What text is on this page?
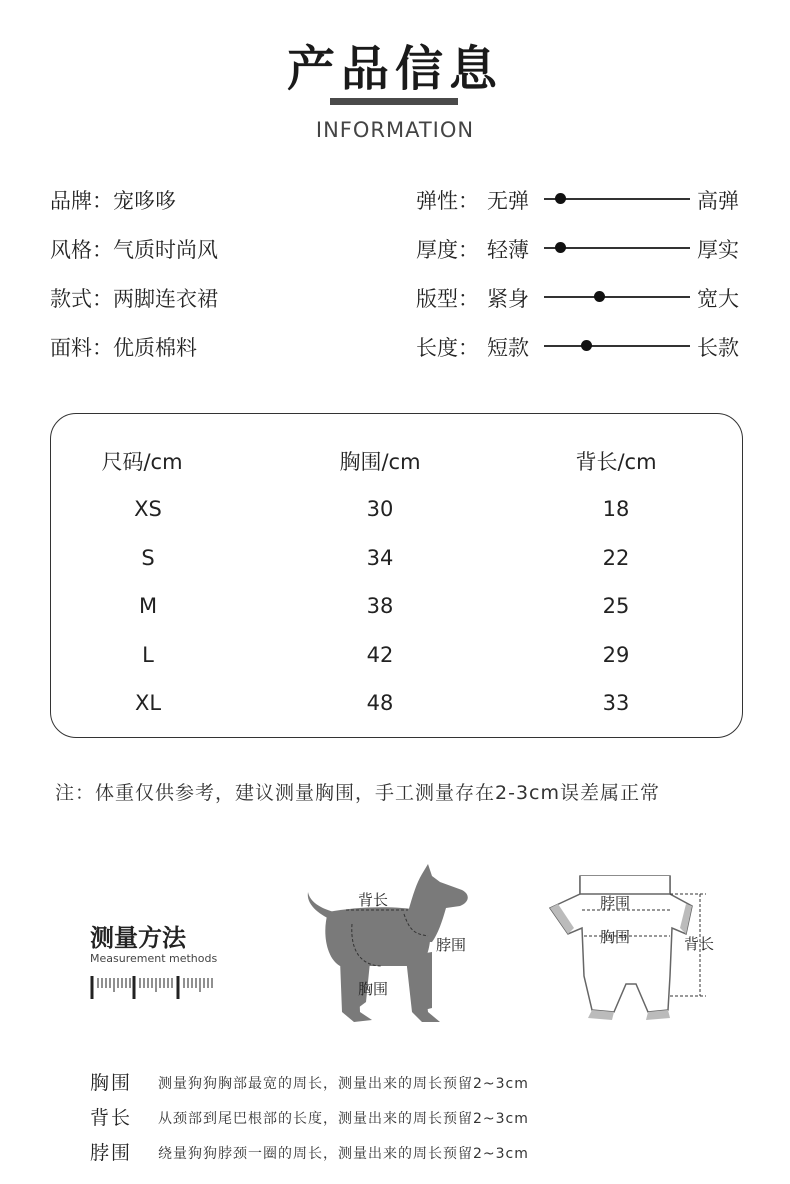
产品信息
INFORMATION
品牌：宠哆哆
风格：气质时尚风
款式：两脚连衣裙
面料：优质棉料
弹性： 无弹	高弹
厚度： 轻薄	厚实
版型： 紧身	宽大
长度： 短款	长款
尺码/cm	胸围/cm	背长/cm
XS	30	18
S	34	22
M	38	25
L	42	29
XL	48	33
注：体重仅供参考，建议测量胸围，手工测量存在2-3cm误差属正常
测量方法
Measurement methods
背长
脖围
胸围
脖围
胸围	背长
胸围 测量狗狗胸部最宽的周长，测量出来的周长预留2~3cm
背长 从颈部到尾巴根部的长度，测量出来的周长预留2~3cm
脖围 绕量狗狗脖颈一圈的周长，测量出来的周长预留2~3cm
